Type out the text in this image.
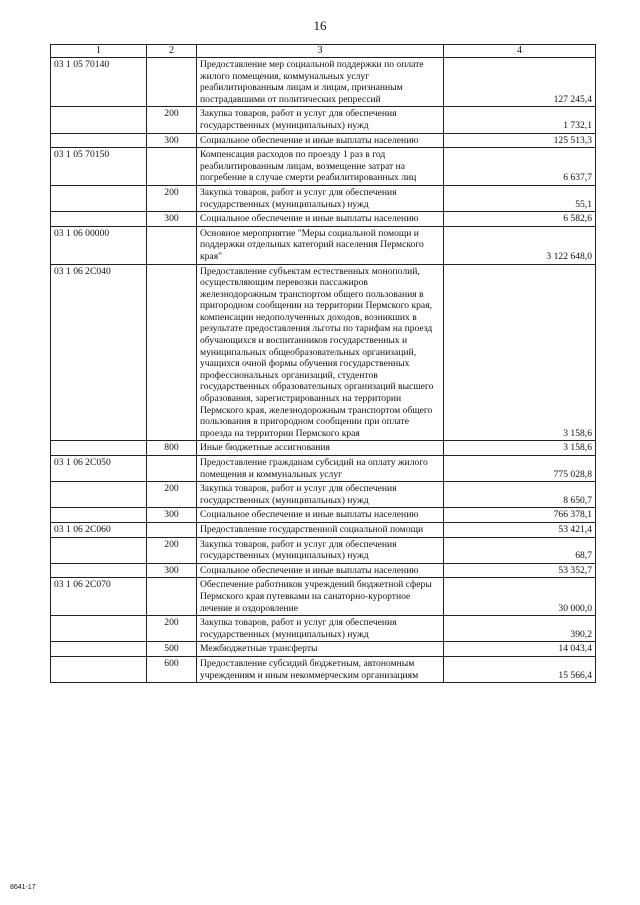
16
1	2	3	4
03 1 05 70140		Предоставление мер социальной поддержки по оплате жилого помещения, коммунальных услуг реабилитированным лицам и лицам, признанным пострадавшими от политических репрессий	127 245,4
	200	Закупка товаров, работ и услуг для обеспечения государственных (муниципальных) нужд	1 732,1
	300	Социальное обеспечение и иные выплаты населению	125 513,3
03 1 05 70150		Компенсация расходов по проезду 1 раз в год реабилитированным лицам, возмещение затрат на погребение в случае смерти реабилитированных лиц	6 637,7
	200	Закупка товаров, работ и услуг для обеспечения государственных (муниципальных) нужд	55,1
	300	Социальное обеспечение и иные выплаты населению	6 582,6
03 1 06 00000		Основное мероприятие "Меры социальной помощи и поддержки отдельных категорий населения Пермского края"	3 122 648,0
03 1 06 2С040		Предоставление субъектам естественных монополий, осуществляющим перевозки пассажиров железнодорожным транспортом общего пользования в пригородном сообщении на территории Пермского края, компенсации недополученных доходов, возникших в результате предоставления льготы по тарифам на проезд обучающихся и воспитанников государственных и муниципальных общеобразовательных организаций, учащихся очной формы обучения государственных профессиональных организаций, студентов государственных образовательных организаций высшего образования, зарегистрированных на территории Пермского края, железнодорожным транспортом общего пользования в пригородном сообщении при оплате проезда на территории Пермского края	3 158,6
	800	Иные бюджетные ассигнования	3 158,6
03 1 06 2С050		Предоставление гражданам субсидий на оплату жилого помещения и коммунальных услуг	775 028,8
	200	Закупка товаров, работ и услуг для обеспечения государственных (муниципальных) нужд	8 650,7
	300	Социальное обеспечение и иные выплаты населению	766 378,1
03 1 06 2С060		Предоставление государственной социальной помощи	53 421,4
	200	Закупка товаров, работ и услуг для обеспечения государственных (муниципальных) нужд	68,7
	300	Социальное обеспечение и иные выплаты населению	53 352,7
03 1 06 2С070		Обеспечение работников учреждений бюджетной сферы Пермского края путевками на санаторно-курортное лечение и оздоровление	30 000,0
	200	Закупка товаров, работ и услуг для обеспечения государственных (муниципальных) нужд	390,2
	500	Межбюджетные трансферты	14 043,4
	600	Предоставление субсидий бюджетным, автономным учреждениям и иным некоммерческим организациям	15 566,4
8641-17
